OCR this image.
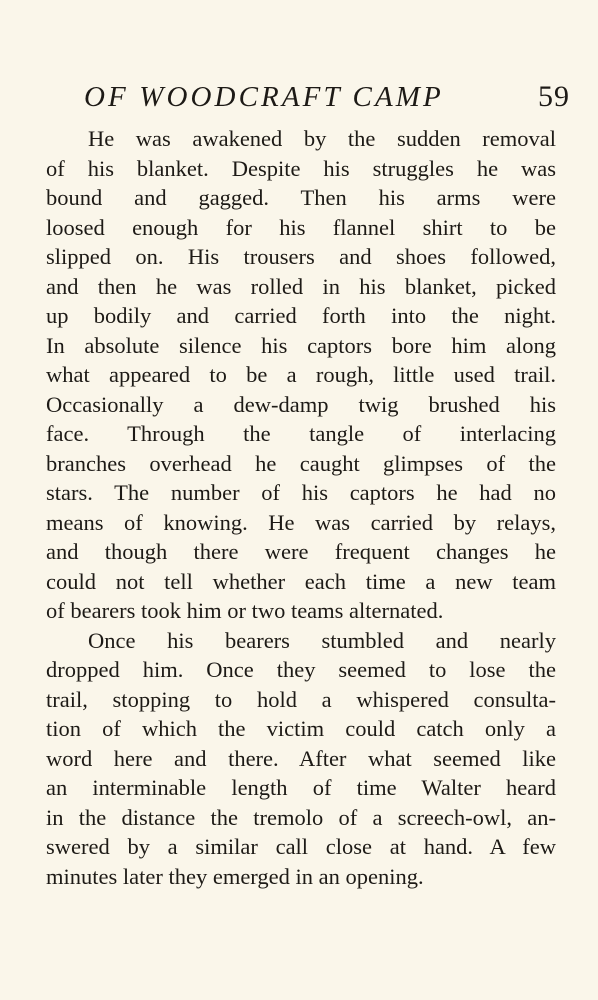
OF WOODCRAFT CAMP	59
He was awakened by the sudden removal
of his blanket. Despite his struggles he was
bound and gagged. Then his arms were
loosed enough for his flannel shirt to be
slipped on. His trousers and shoes followed,
and then he was rolled in his blanket, picked
up bodily and carried forth into the night.
In absolute silence his captors bore him along
what appeared to be a rough, little used trail.
Occasionally a dew-damp twig brushed his
face. Through the tangle of interlacing
branches overhead he caught glimpses of the
stars. The number of his captors he had no
means of knowing. He was carried by relays,
and though there were frequent changes he
could not tell whether each time a new team
of bearers took him or two teams alternated.
Once his bearers stumbled and nearly
dropped him. Once they seemed to lose the
trail, stopping to hold a whispered consulta-
tion of which the victim could catch only a
word here and there. After what seemed like
an interminable length of time Walter heard
in the distance the tremolo of a screech-owl, an-
swered by a similar call close at hand. A few
minutes later they emerged in an opening.
